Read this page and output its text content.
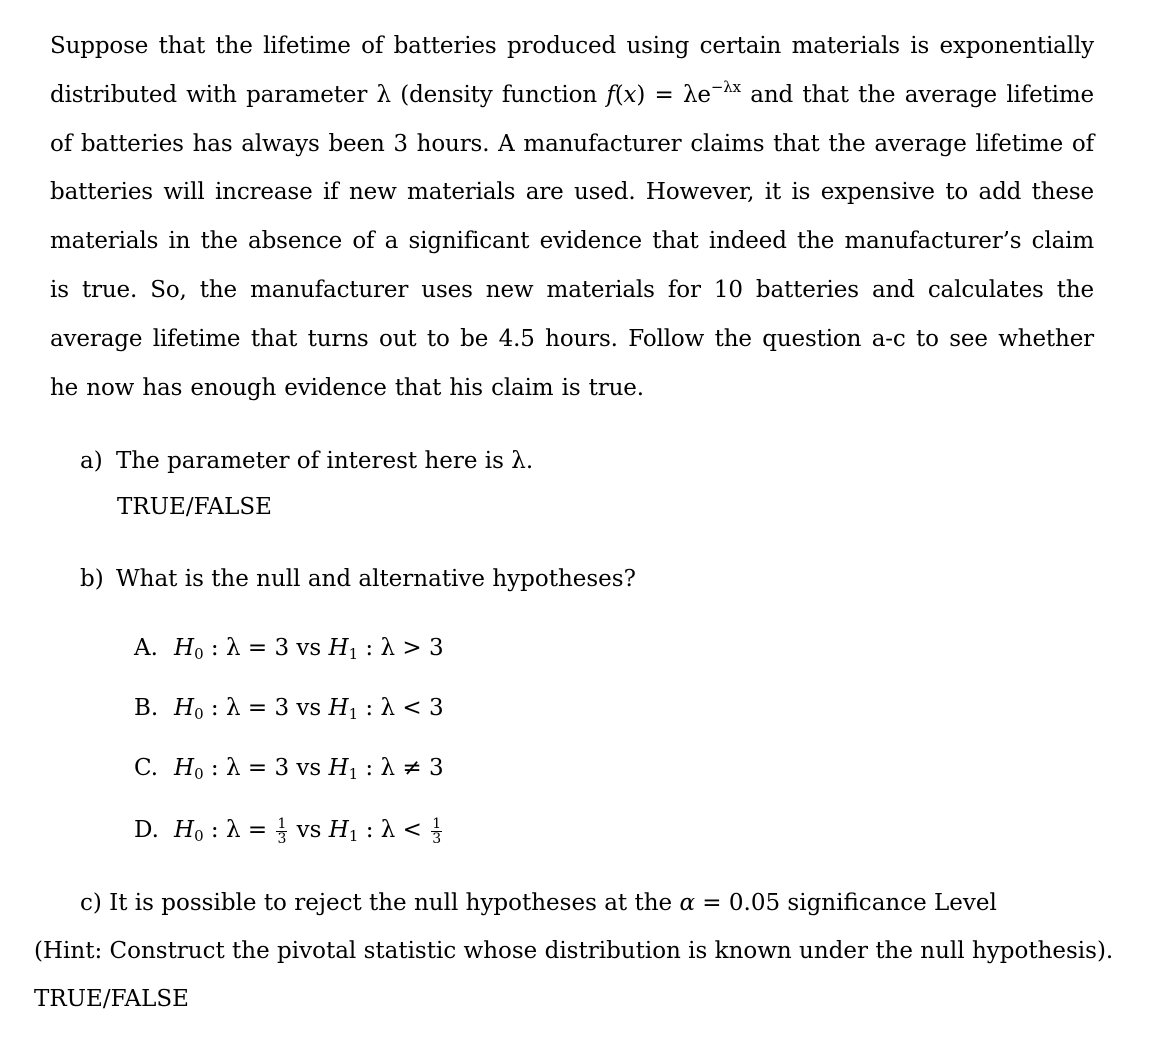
Suppose that the lifetime of batteries produced using certain materials is exponentially distributed with parameter λ (density function $f(x) = \lambda e^{-\lambda x}$ and that the average lifetime of batteries has always been 3 hours. A manufacturer claims that the average lifetime of batteries will increase if new materials are used. However, it is expensive to add these materials in the absence of a significant evidence that indeed the manufacturer’s claim is true. So, the manufacturer uses new materials for 10 batteries and calculates the average lifetime that turns out to be 4.5 hours. Follow the question a-c to see whether he now has enough evidence that his claim is true.

a) The parameter of interest here is λ.
TRUE/FALSE
b) What is the null and alternative hypotheses?
A. $H_0$ : λ = 3 vs $H_1$ : λ > 3
B. $H_0$ : λ = 3 vs $H_1$ : λ < 3
C. $H_0$ : λ = 3 vs $H_1$ : λ ≠ 3
D. $H_0$ : $\lambda = \frac{1}{3}$ vs $H_1$ : $\lambda < \frac{1}{3}$
c) It is possible to reject the null hypotheses at the α = 0.05 significance Level
(Hint: Construct the pivotal statistic whose distribution is known under the null hypothesis).
TRUE/FALSE
